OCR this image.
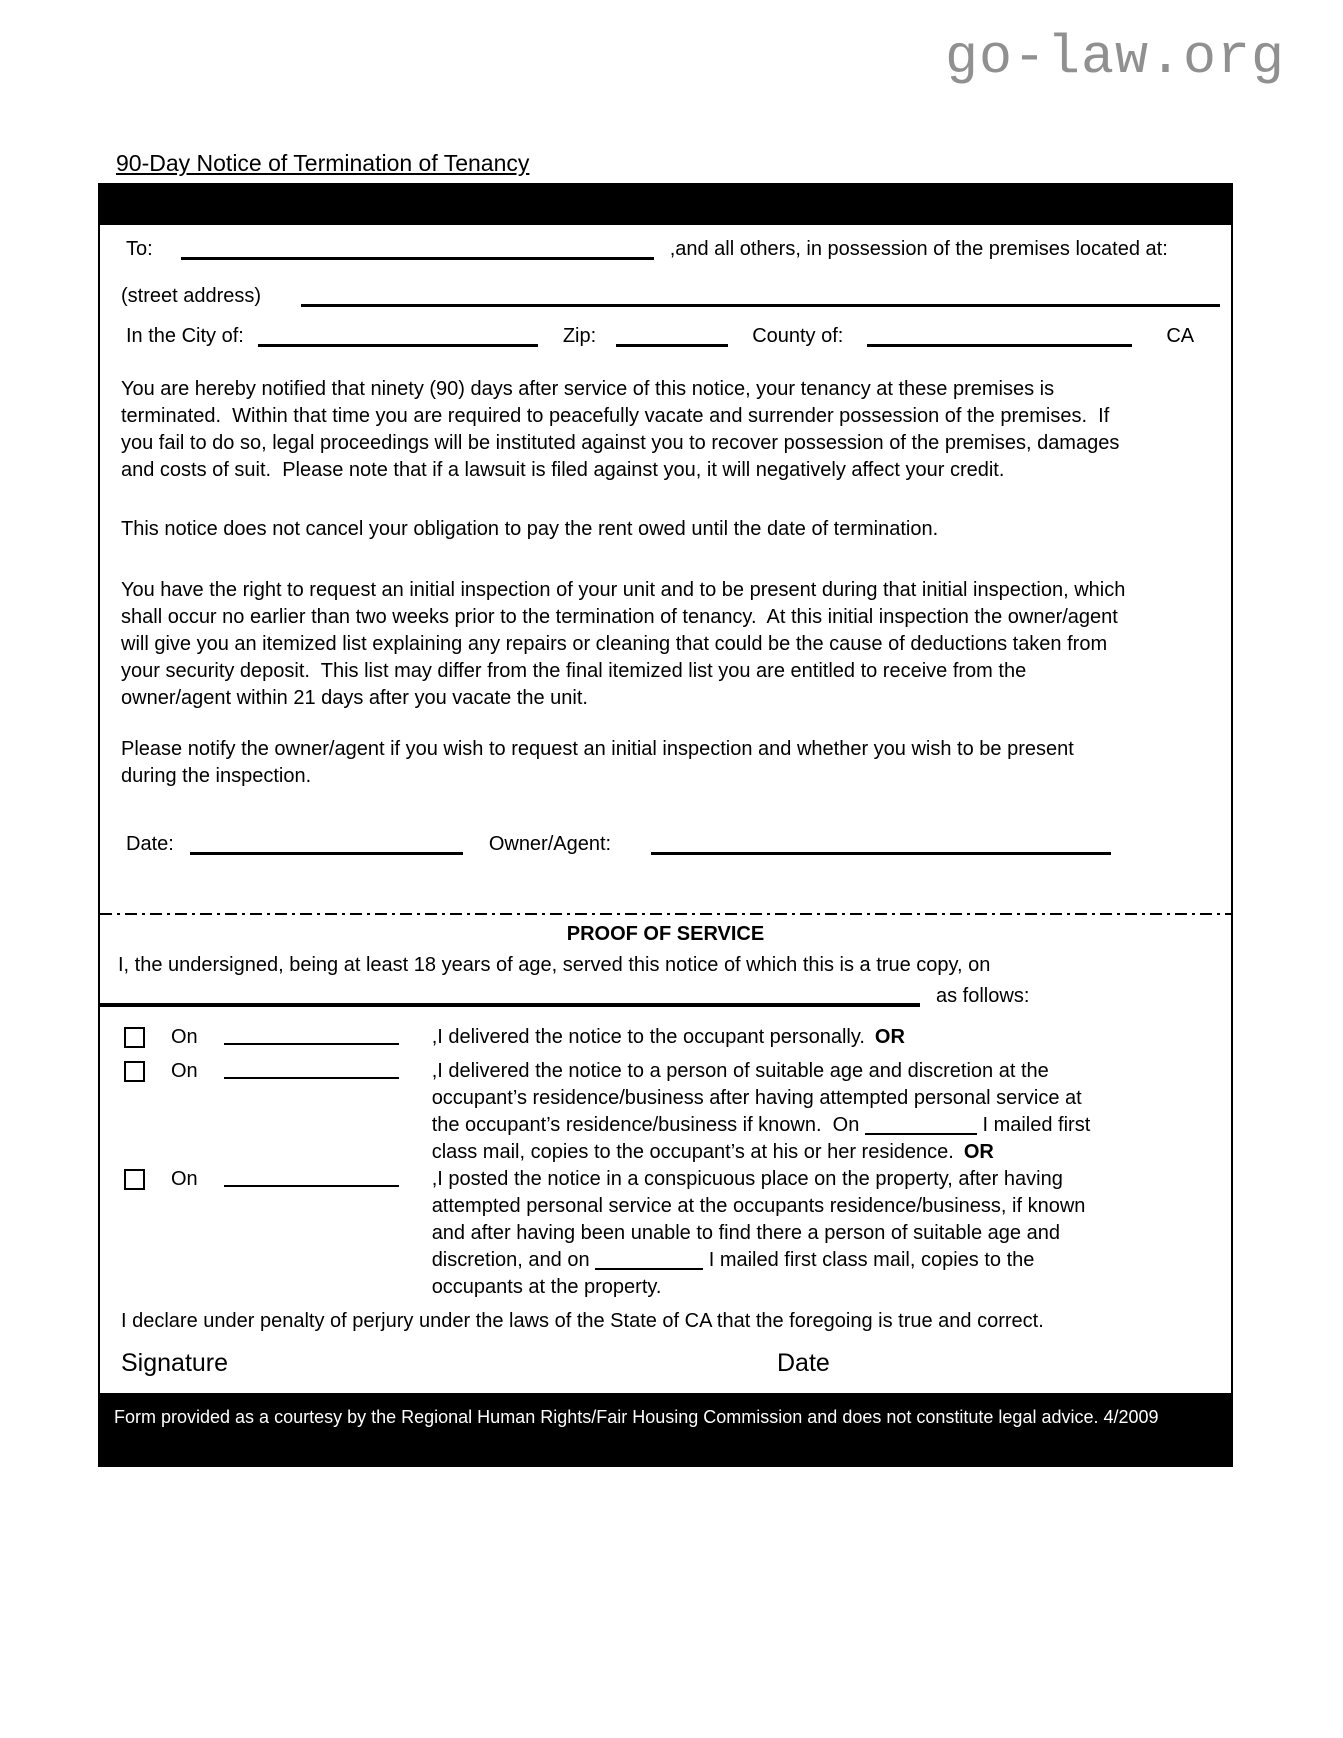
go-law.org
90-Day Notice of Termination of Tenancy
To:	,and all others, in possession of the premises located at:
(street address)
In the City of:	Zip:	County of:	CA
You are hereby notified that ninety (90) days after service of this notice, your tenancy at these premises is terminated.  Within that time you are required to peacefully vacate and surrender possession of the premises.  If you fail to do so, legal proceedings will be instituted against you to recover possession of the premises, damages and costs of suit.  Please note that if a lawsuit is filed against you, it will negatively affect your credit.
This notice does not cancel your obligation to pay the rent owed until the date of termination.
You have the right to request an initial inspection of your unit and to be present during that initial inspection, which shall occur no earlier than two weeks prior to the termination of tenancy.  At this initial inspection the owner/agent will give you an itemized list explaining any repairs or cleaning that could be the cause of deductions taken from your security deposit.  This list may differ from the final itemized list you are entitled to receive from the owner/agent within 21 days after you vacate the unit.
Please notify the owner/agent if you wish to request an initial inspection and whether you wish to be present during the inspection.
Date:	Owner/Agent:
PROOF OF SERVICE
I, the undersigned, being at least 18 years of age, served this notice of which this is a true copy, on
as follows:
On	,I delivered the notice to the occupant personally. OR
On	,I delivered the notice to a person of suitable age and discretion at the occupant’s residence/business after having attempted personal service at the occupant’s residence/business if known.  On	I mailed first class mail, copies to the occupant’s at his or her residence. OR
On	,I posted the notice in a conspicuous place on the property, after having attempted personal service at the occupants residence/business, if known and after having been unable to find there a person of suitable age and discretion, and on	I mailed first class mail, copies to the occupants at the property.
I declare under penalty of perjury under the laws of the State of CA that the foregoing is true and correct.
Signature	Date
Form provided as a courtesy by the Regional Human Rights/Fair Housing Commission and does not constitute legal advice. 4/2009
